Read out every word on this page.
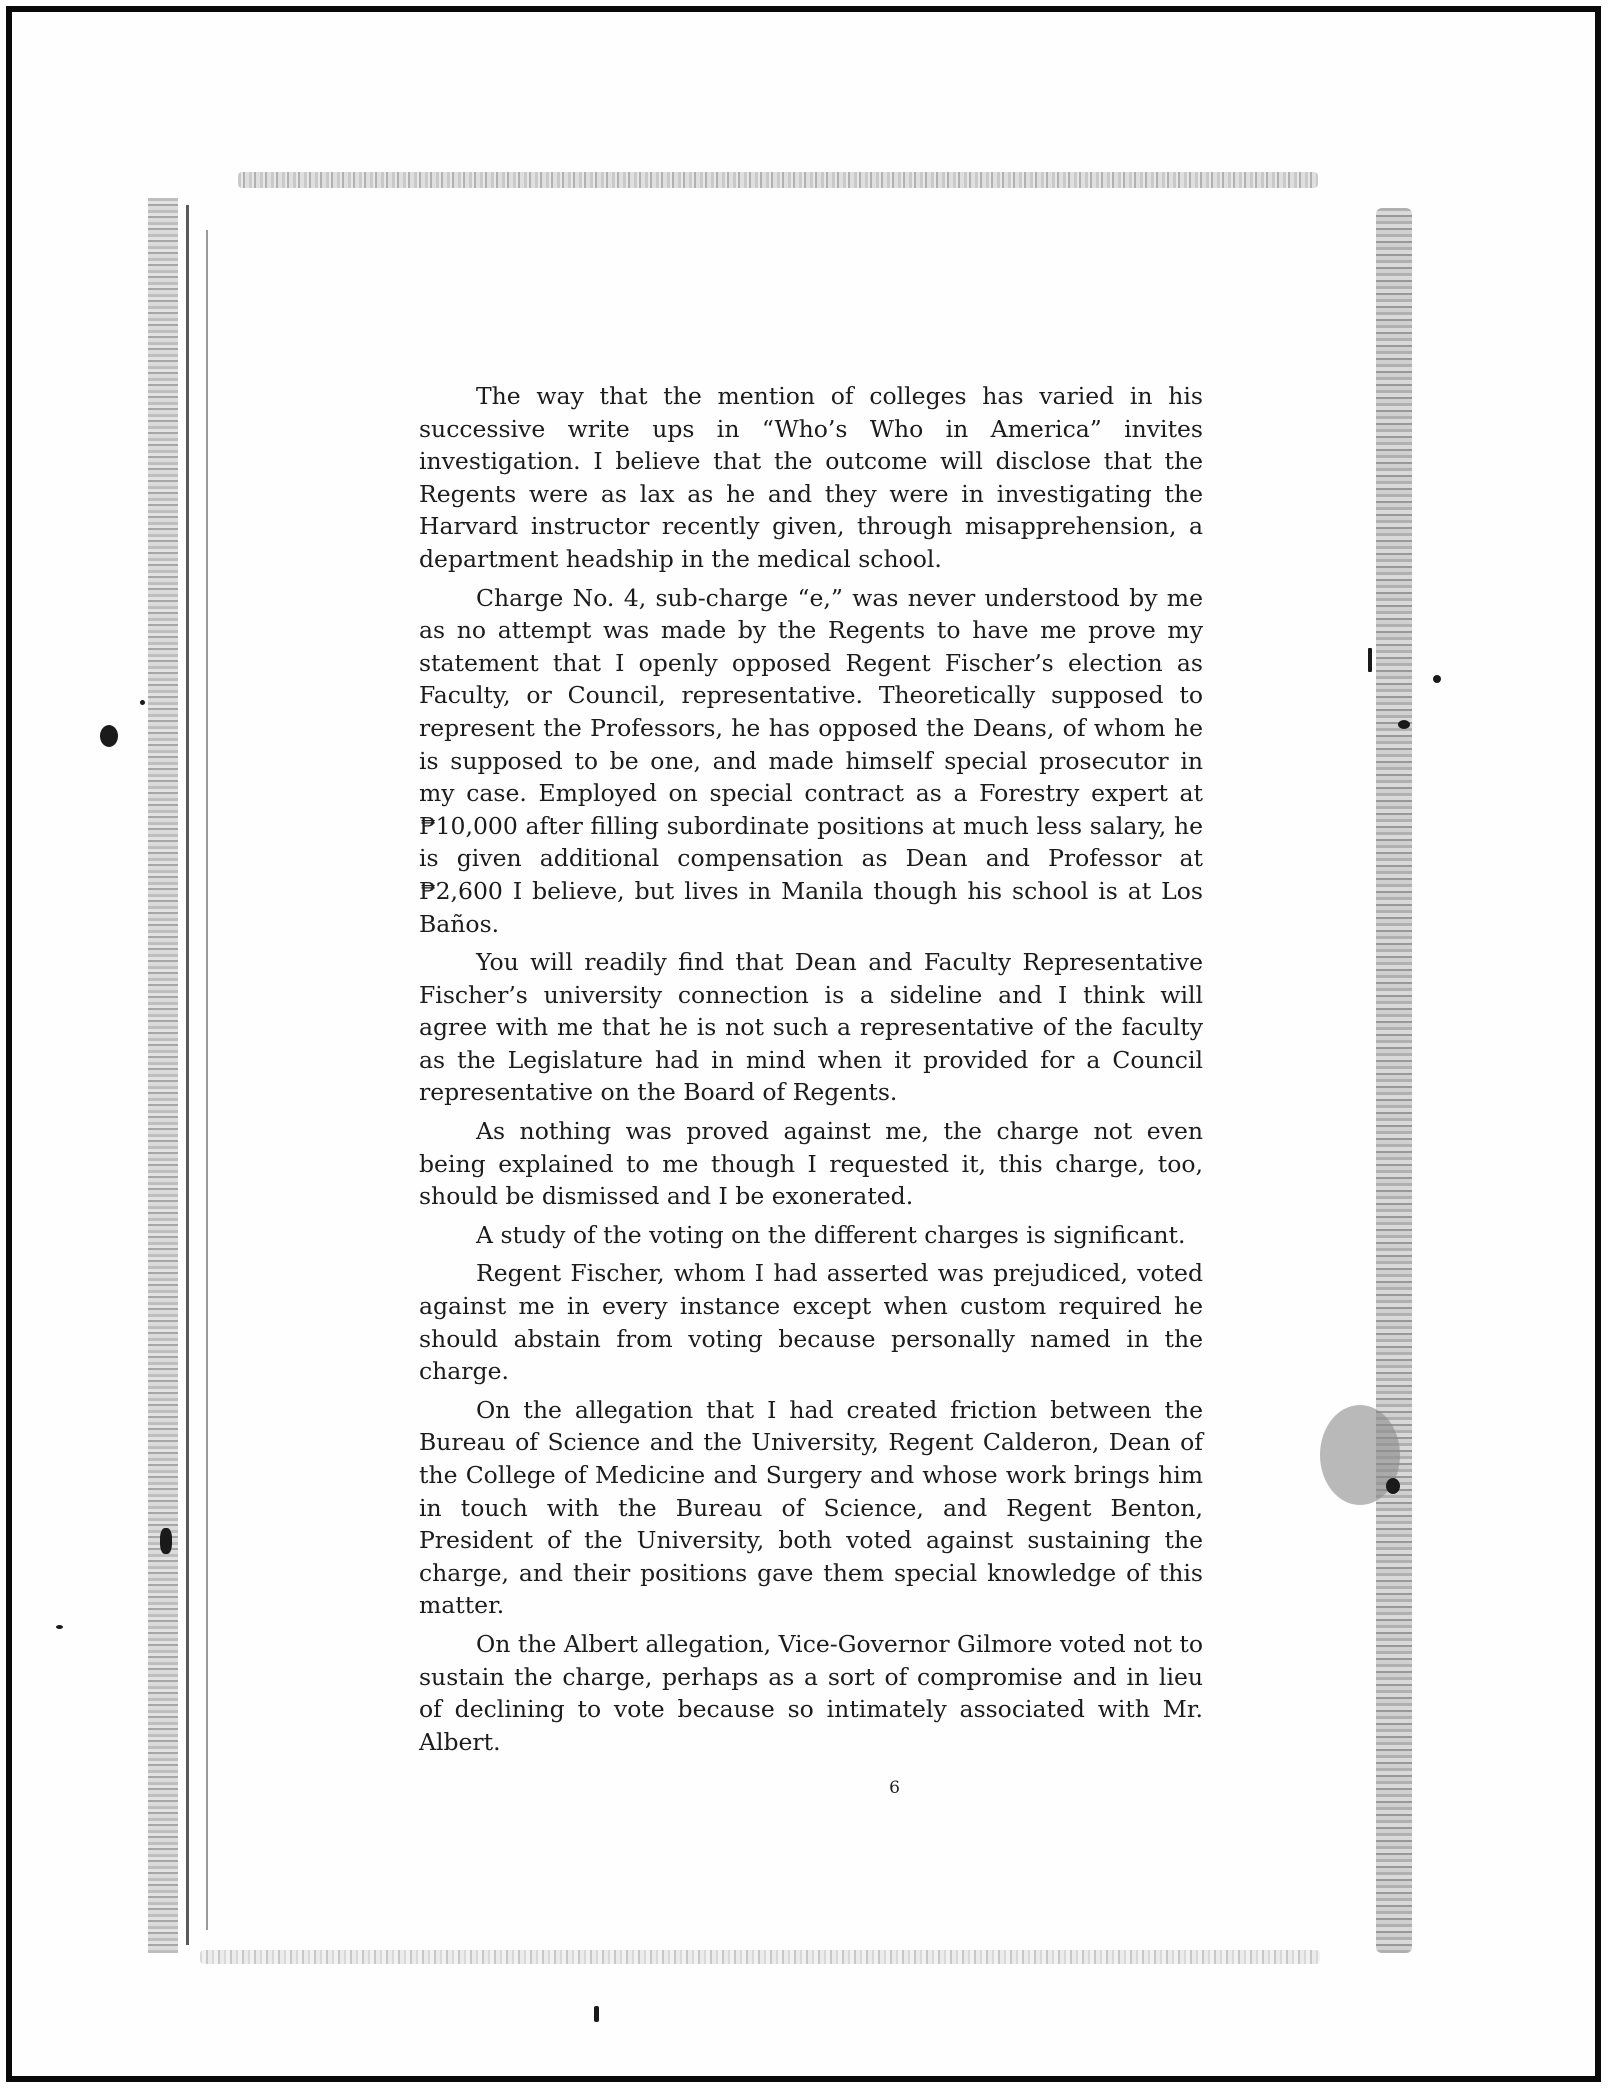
The way that the mention of colleges has varied in his successive write ups in “Who’s Who in America” invites investigation. I believe that the outcome will disclose that the Regents were as lax as he and they were in investigating the Harvard instructor recently given, through misapprehension, a department headship in the medical school.

Charge No. 4, sub-charge “e,” was never understood by me as no attempt was made by the Regents to have me prove my statement that I openly opposed Regent Fischer’s election as Faculty, or Council, representative. Theoretically supposed to represent the Professors, he has opposed the Deans, of whom he is supposed to be one, and made himself special prosecutor in my case. Employed on special contract as a Forestry expert at ₱10,000 after filling subordinate positions at much less salary, he is given additional compensation as Dean and Professor at ₱2,600 I believe, but lives in Manila though his school is at Los Baños.

You will readily find that Dean and Faculty Representative Fischer’s university connection is a sideline and I think will agree with me that he is not such a representative of the faculty as the Legislature had in mind when it provided for a Council representative on the Board of Regents.

As nothing was proved against me, the charge not even being explained to me though I requested it, this charge, too, should be dismissed and I be exonerated.

A study of the voting on the different charges is significant.

Regent Fischer, whom I had asserted was prejudiced, voted against me in every instance except when custom required he should abstain from voting because personally named in the charge.

On the allegation that I had created friction between the Bureau of Science and the University, Regent Calderon, Dean of the College of Medicine and Surgery and whose work brings him in touch with the Bureau of Science, and Regent Benton, President of the University, both voted against sustaining the charge, and their positions gave them special knowledge of this matter.

On the Albert allegation, Vice-Governor Gilmore voted not to sustain the charge, perhaps as a sort of compromise and in lieu of declining to vote because so intimately associated with Mr. Albert.

6
